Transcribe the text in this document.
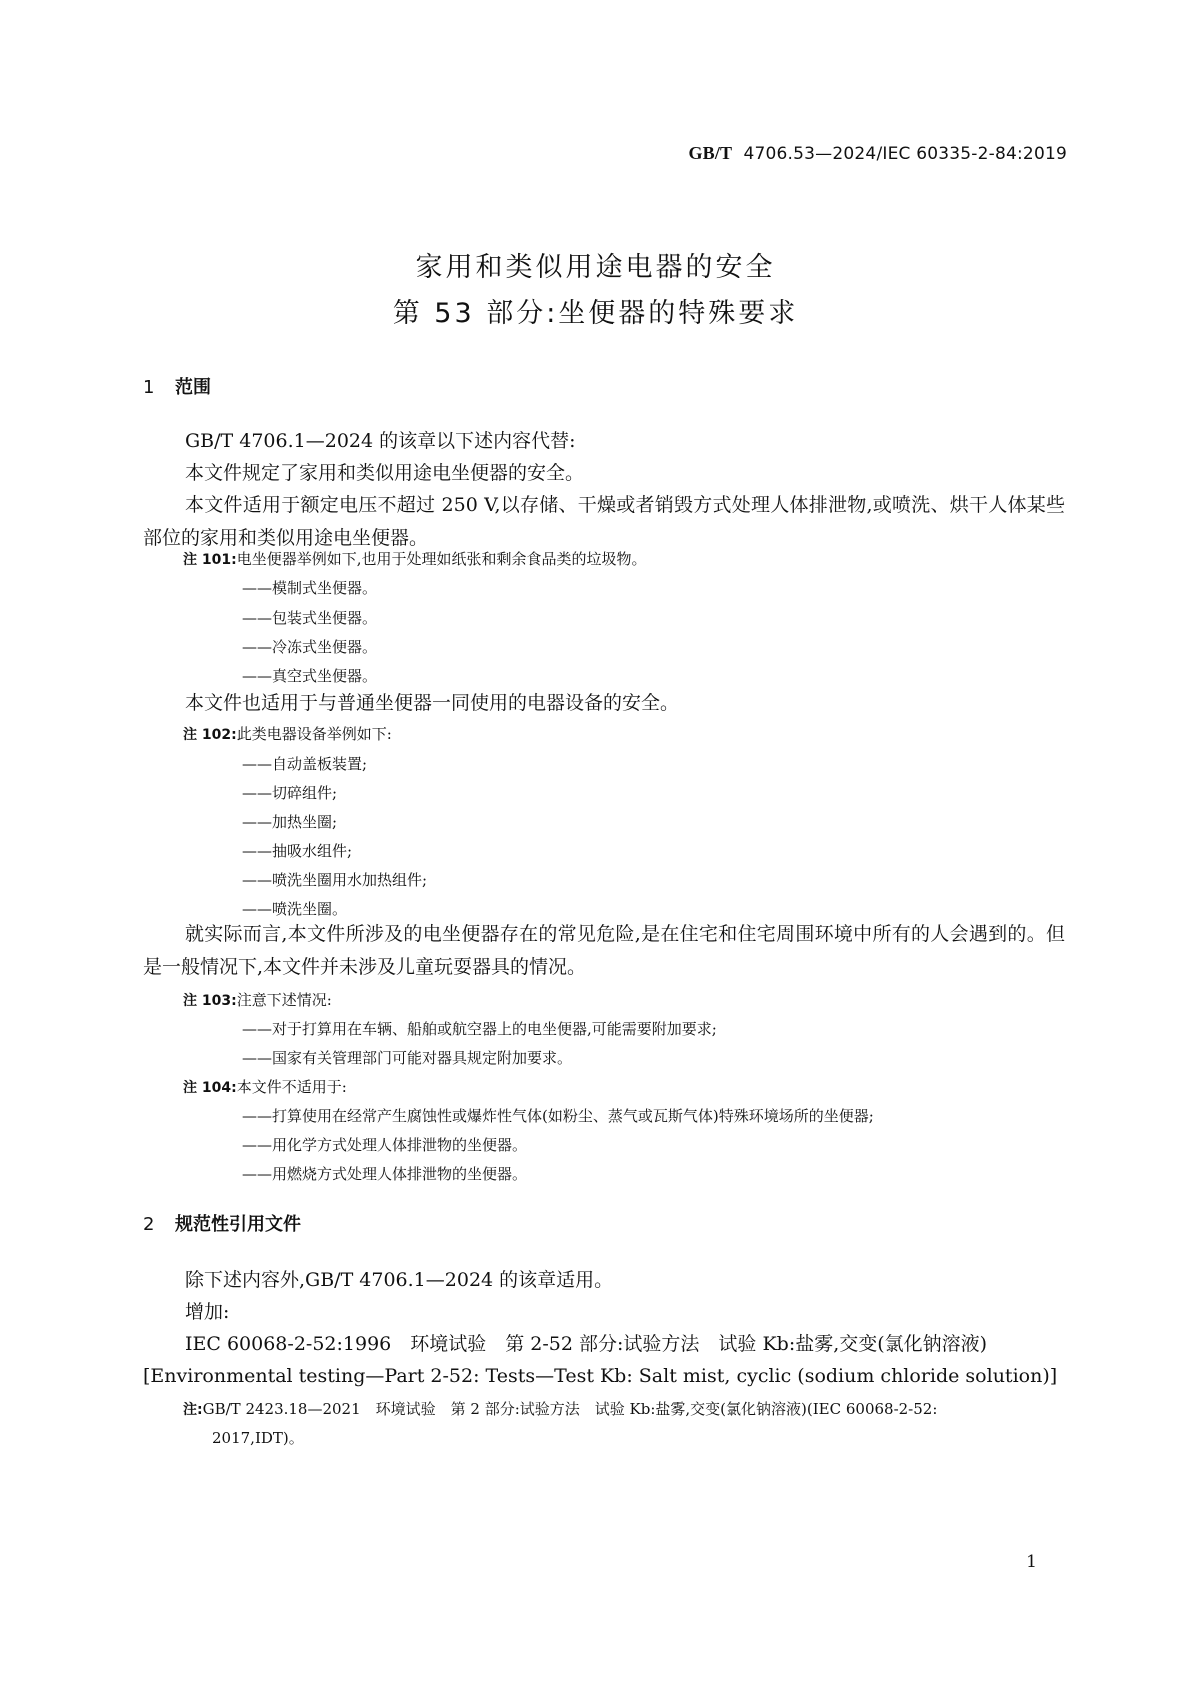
GB/T 4706.53—2024/IEC 60335-2-84:2019
家用和类似用途电器的安全
第 53 部分:坐便器的特殊要求
1 范围
GB/T 4706.1—2024 的该章以下述内容代替:
本文件规定了家用和类似用途电坐便器的安全。
本文件适用于额定电压不超过 250 V,以存储、干燥或者销毁方式处理人体排泄物,或喷洗、烘干人体某些部位的家用和类似用途电坐便器。
注 101:电坐便器举例如下,也用于处理如纸张和剩余食品类的垃圾物。
——模制式坐便器。
——包装式坐便器。
——冷冻式坐便器。
——真空式坐便器。
本文件也适用于与普通坐便器一同使用的电器设备的安全。
注 102:此类电器设备举例如下:
——自动盖板装置;
——切碎组件;
——加热坐圈;
——抽吸水组件;
——喷洗坐圈用水加热组件;
——喷洗坐圈。
就实际而言,本文件所涉及的电坐便器存在的常见危险,是在住宅和住宅周围环境中所有的人会遇到的。但是一般情况下,本文件并未涉及儿童玩耍器具的情况。
注 103:注意下述情况:
——对于打算用在车辆、船舶或航空器上的电坐便器,可能需要附加要求;
——国家有关管理部门可能对器具规定附加要求。
注 104:本文件不适用于:
——打算使用在经常产生腐蚀性或爆炸性气体(如粉尘、蒸气或瓦斯气体)特殊环境场所的坐便器;
——用化学方式处理人体排泄物的坐便器。
——用燃烧方式处理人体排泄物的坐便器。
2 规范性引用文件
除下述内容外,GB/T 4706.1—2024 的该章适用。
增加:
IEC 60068-2-52:1996　环境试验　第 2-52 部分:试验方法　试验 Kb:盐雾,交变(氯化钠溶液)
[Environmental testing—Part 2-52: Tests—Test Kb: Salt mist, cyclic (sodium chloride solution)]
注:GB/T 2423.18—2021　环境试验　第 2 部分:试验方法　试验 Kb:盐雾,交变(氯化钠溶液)(IEC 60068-2-52:
2017,IDT)。
1
